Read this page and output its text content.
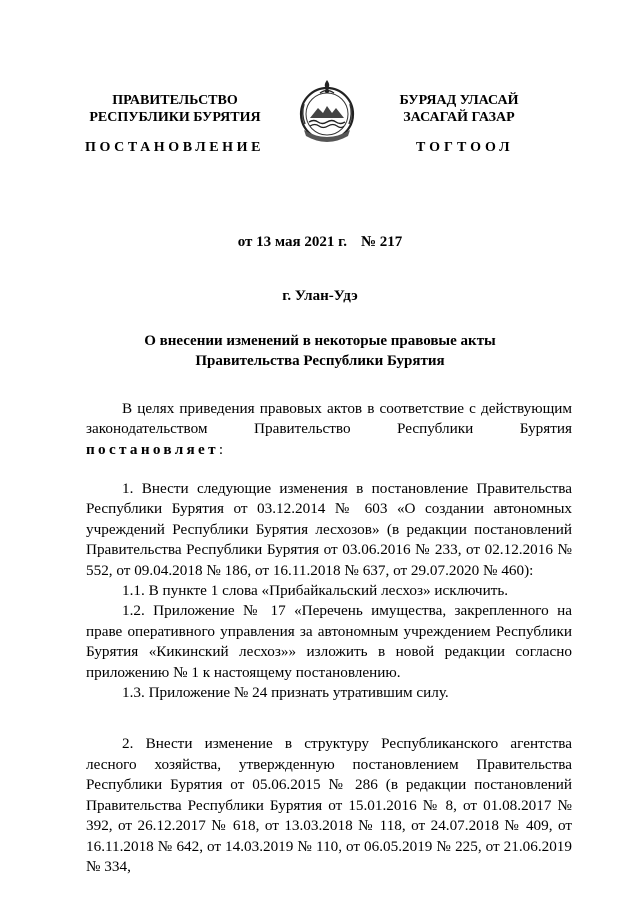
ПРАВИТЕЛЬСТВО
РЕСПУБЛИКИ БУРЯТИЯ
БУРЯАД УЛАСАЙ
ЗАСАГАЙ ГАЗАР
ПОСТАНОВЛЕНИЕ	ТОГТООЛ
от 13 мая 2021 г. № 217
г. Улан-Удэ
О внесении изменений в некоторые правовые акты
Правительства Республики Бурятия

В целях приведения правовых актов в соответствие с действующим законодательством Правительство Республики Бурятия постановляет:

1. Внести следующие изменения в постановление Правительства Республики Бурятия от 03.12.2014 № 603 «О создании автономных учреждений Республики Бурятия лесхозов» (в редакции постановлений Правительства Республики Бурятия от 03.06.2016 № 233, от 02.12.2016 № 552, от 09.04.2018 № 186, от 16.11.2018 № 637, от 29.07.2020 № 460):

1.1. В пункте 1 слова «Прибайкальский лесхоз» исключить.

1.2. Приложение № 17 «Перечень имущества, закрепленного на праве оперативного управления за автономным учреждением Республики Бурятия «Кикинский лесхоз»» изложить в новой редакции согласно приложению № 1 к настоящему постановлению.

1.3. Приложение № 24 признать утратившим силу.

2. Внести изменение в структуру Республиканского агентства лесного хозяйства, утвержденную постановлением Правительства Республики Бурятия от 05.06.2015 № 286 (в редакции постановлений Правительства Республики Бурятия от 15.01.2016 № 8, от 01.08.2017 № 392, от 26.12.2017 № 618, от 13.03.2018 № 118, от 24.07.2018 № 409, от 16.11.2018 № 642, от 14.03.2019 № 110, от 06.05.2019 № 225, от 21.06.2019 № 334,
